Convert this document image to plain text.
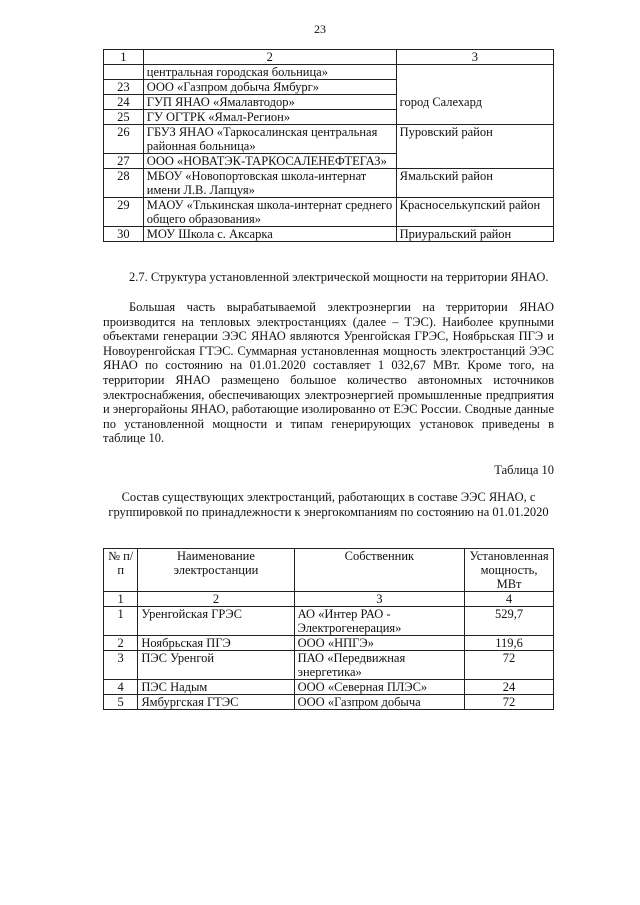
23
1	2	3
	центральная городская больница»	
23	ООО «Газпром добыча Ямбург»	
24	ГУП ЯНАО «Ямалавтодор»	город Салехард
25	ГУ ОГТРК «Ямал-Регион»	
26	ГБУЗ ЯНАО «Таркосалинская центральная районная больница»	Пуровский район
27	ООО «НОВАТЭК-ТАРКОСАЛЕНЕФТЕГАЗ»	
28	МБОУ «Новопортовская школа-интернат имени Л.В. Лапцуя»	Ямальский район
29	МАОУ «Тлькинская школа-интернат среднего общего образования»	Красноселькупский район
30	МОУ Школа с. Аксарка	Приуральский район
2.7. Структура установленной электрической мощности на территории ЯНАО.
Большая часть вырабатываемой электроэнергии на территории ЯНАО производится на тепловых электростанциях (далее – ТЭС). Наиболее крупными объектами генерации ЭЭС ЯНАО являются Уренгойская ГРЭС, Ноябрьская ПГЭ и Новоуренгойская ГТЭС. Суммарная установленная мощность электростанций ЭЭС ЯНАО по состоянию на 01.01.2020 составляет 1 032,67 МВт. Кроме того, на территории ЯНАО размещено большое количество автономных источников электроснабжения, обеспечивающих электроэнергией промышленные предприятия и энергорайоны ЯНАО, работающие изолированно от ЕЭС России. Сводные данные по установленной мощности и типам генерирующих установок приведены в таблице 10.
Таблица 10
Состав существующих электростанций, работающих в составе ЭЭС ЯНАО, с группировкой по принадлежности к энергокомпаниям по состоянию на 01.01.2020
№ п/п	Наименование электростанции	Собственник	Установленная мощность, МВт
1	2	3	4
1	Уренгойская ГРЭС	АО «Интер РАО - Электрогенерация»	529,7
2	Ноябрьская ПГЭ	ООО «НПГЭ»	119,6
3	ПЭС Уренгой	ПАО «Передвижная энергетика»	72
4	ПЭС Надым	ООО «Северная ПЛЭС»	24
5	Ямбургская ГТЭС	ООО «Газпром добыча	72
